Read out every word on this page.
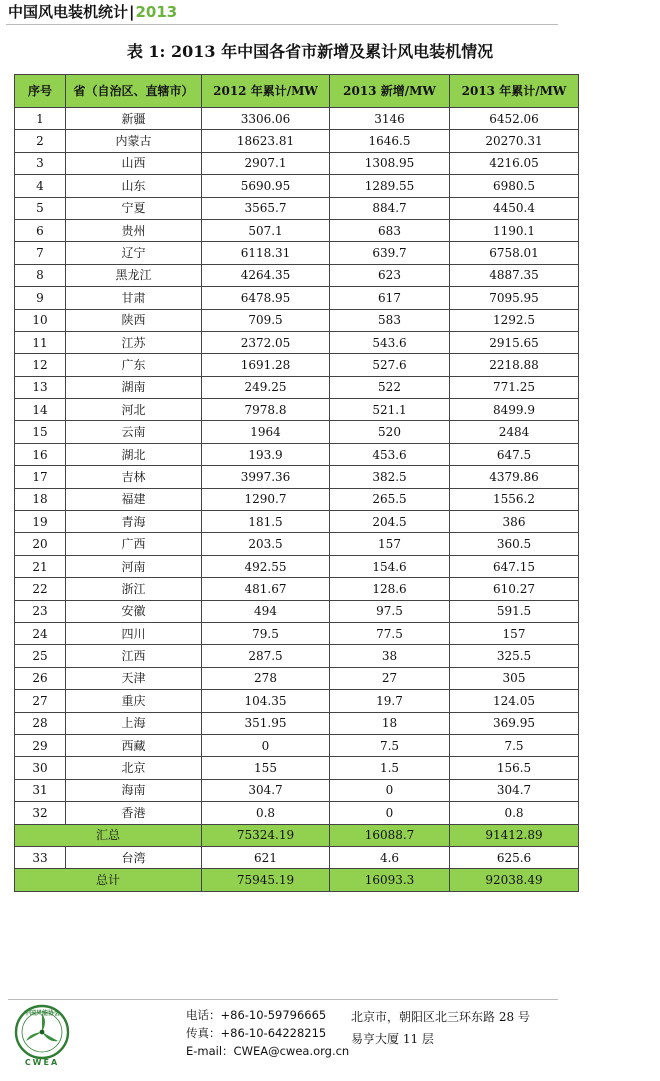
中国风电装机统计|2013
表 1: 2013 年中国各省市新增及累计风电装机情况
序号	省（自治区、直辖市）	2012 年累计/MW	2013 新增/MW	2013 年累计/MW
1	新疆	3306.06	3146	6452.06
2	内蒙古	18623.81	1646.5	20270.31
3	山西	2907.1	1308.95	4216.05
4	山东	5690.95	1289.55	6980.5
5	宁夏	3565.7	884.7	4450.4
6	贵州	507.1	683	1190.1
7	辽宁	6118.31	639.7	6758.01
8	黑龙江	4264.35	623	4887.35
9	甘肃	6478.95	617	7095.95
10	陕西	709.5	583	1292.5
11	江苏	2372.05	543.6	2915.65
12	广东	1691.28	527.6	2218.88
13	湖南	249.25	522	771.25
14	河北	7978.8	521.1	8499.9
15	云南	1964	520	2484
16	湖北	193.9	453.6	647.5
17	吉林	3997.36	382.5	4379.86
18	福建	1290.7	265.5	1556.2
19	青海	181.5	204.5	386
20	广西	203.5	157	360.5
21	河南	492.55	154.6	647.15
22	浙江	481.67	128.6	610.27
23	安徽	494	97.5	591.5
24	四川	79.5	77.5	157
25	江西	287.5	38	325.5
26	天津	278	27	305
27	重庆	104.35	19.7	124.05
28	上海	351.95	18	369.95
29	西藏	0	7.5	7.5
30	北京	155	1.5	156.5
31	海南	304.7	0	304.7
32	香港	0.8	0	0.8
汇总		75324.19	16088.7	91412.89
33	台湾	621	4.6	625.6
总计		75945.19	16093.3	92038.49
中国风能协会
CWEA
电话：+86-10-59796665
传真：+86-10-64228215
E-mail：CWEA@cwea.org.cn
北京市，朝阳区北三环东路 28 号
易亨大厦 11 层
